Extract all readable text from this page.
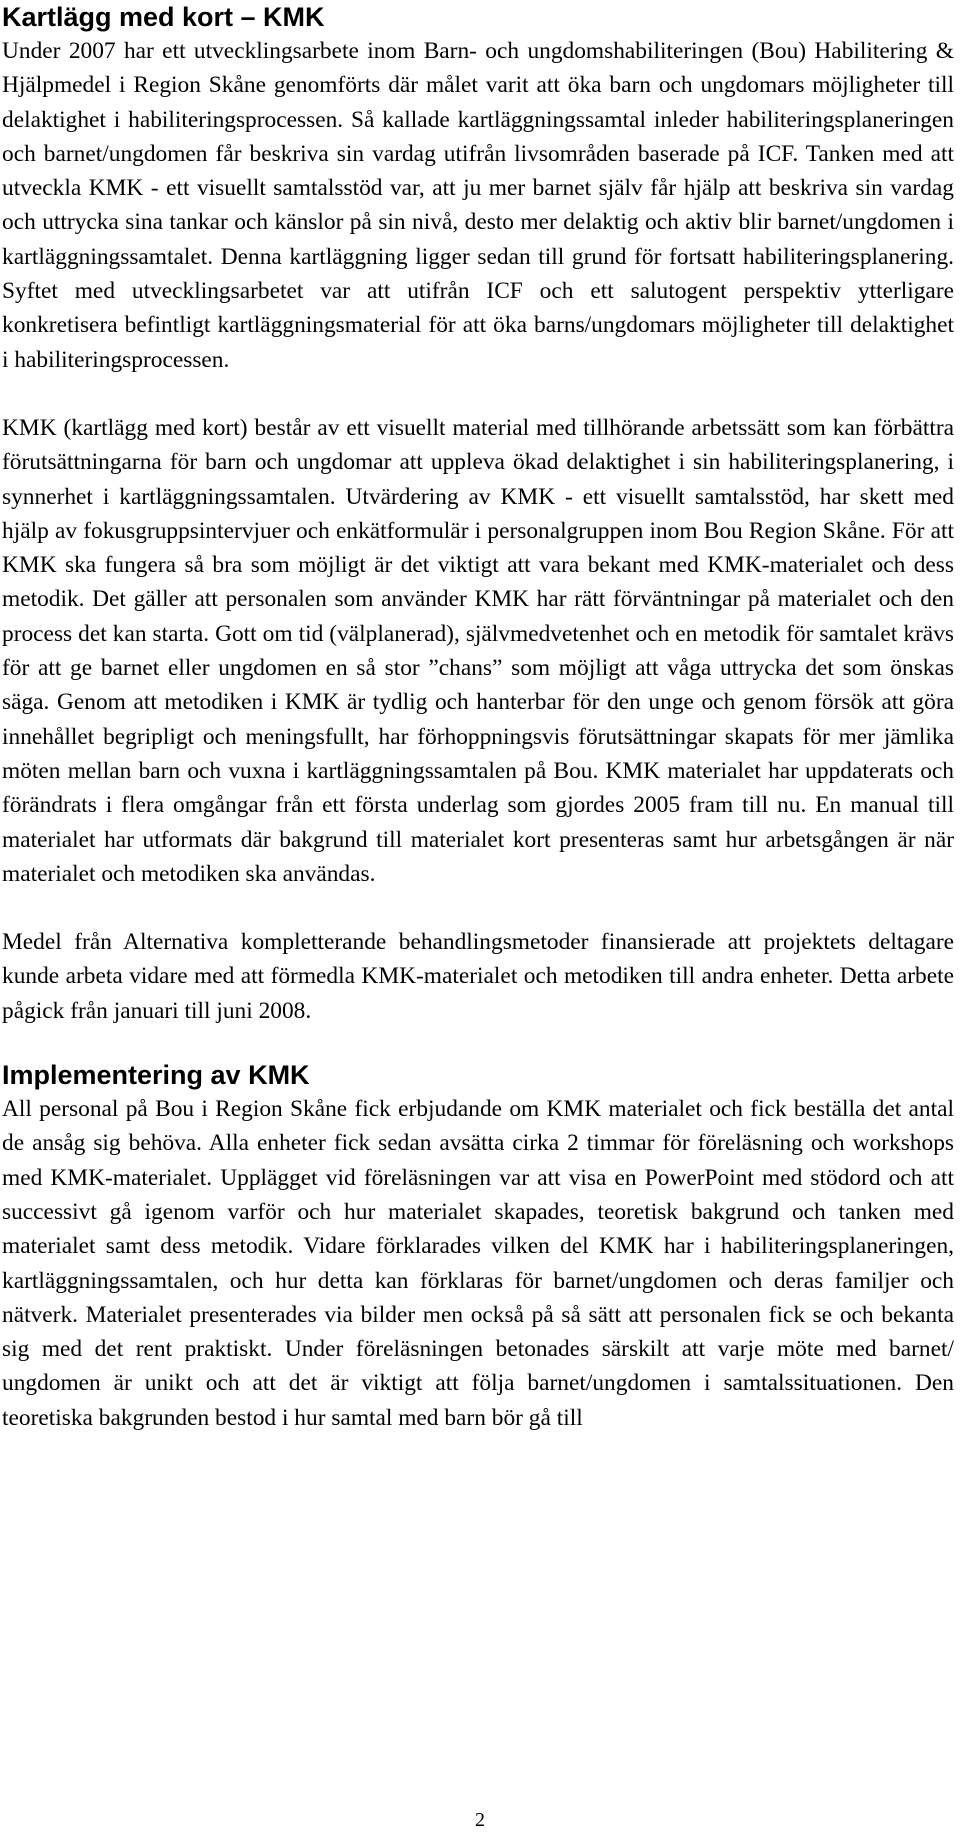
Kartlägg med kort – KMK

Under 2007 har ett utvecklingsarbete inom Barn- och ungdomshabiliteringen (Bou) Habilitering & Hjälpmedel i Region Skåne genomförts där målet varit att öka barn och ungdomars möjligheter till delaktighet i habiliteringsprocessen. Så kallade kartläggningssamtal inleder habiliteringsplaneringen och barnet/ungdomen får beskriva sin vardag utifrån livsområden baserade på ICF. Tanken med att utveckla KMK - ett visuellt samtalsstöd var, att ju mer barnet själv får hjälp att beskriva sin vardag och uttrycka sina tankar och känslor på sin nivå, desto mer delaktig och aktiv blir barnet/ungdomen i kartläggningssamtalet. Denna kartläggning ligger sedan till grund för fortsatt habiliteringsplanering. Syftet med utvecklingsarbetet var att utifrån ICF och ett salutogent perspektiv ytterligare konkretisera befintligt kartläggningsmaterial för att öka barns/ungdomars möjligheter till delaktighet i habiliteringsprocessen.

KMK (kartlägg med kort) består av ett visuellt material med tillhörande arbetssätt som kan förbättra förutsättningarna för barn och ungdomar att uppleva ökad delaktighet i sin habiliteringsplanering, i synnerhet i kartläggningssamtalen. Utvärdering av KMK - ett visuellt samtalsstöd, har skett med hjälp av fokusgruppsintervjuer och enkätformulär i personalgruppen inom Bou Region Skåne. För att KMK ska fungera så bra som möjligt är det viktigt att vara bekant med KMK-materialet och dess metodik. Det gäller att personalen som använder KMK har rätt förväntningar på materialet och den process det kan starta. Gott om tid (välplanerad), självmedvetenhet och en metodik för samtalet krävs för att ge barnet eller ungdomen en så stor ”chans” som möjligt att våga uttrycka det som önskas säga. Genom att metodiken i KMK är tydlig och hanterbar för den unge och genom försök att göra innehållet begripligt och meningsfullt, har förhoppningsvis förutsättningar skapats för mer jämlika möten mellan barn och vuxna i kartläggningssamtalen på Bou. KMK materialet har uppdaterats och förändrats i flera omgångar från ett första underlag som gjordes 2005 fram till nu. En manual till materialet har utformats där bakgrund till materialet kort presenteras samt hur arbetsgången är när materialet och metodiken ska användas.

Medel från Alternativa kompletterande behandlingsmetoder finansierade att projektets deltagare kunde arbeta vidare med att förmedla KMK-materialet och metodiken till andra enheter. Detta arbete pågick från januari till juni 2008.

Implementering av KMK

All personal på Bou i Region Skåne fick erbjudande om KMK materialet och fick beställa det antal de ansåg sig behöva. Alla enheter fick sedan avsätta cirka 2 timmar för föreläsning och workshops med KMK-materialet. Upplägget vid föreläsningen var att visa en PowerPoint med stödord och att successivt gå igenom varför och hur materialet skapades, teoretisk bakgrund och tanken med materialet samt dess metodik. Vidare förklarades vilken del KMK har i habiliteringsplaneringen, kartläggningssamtalen, och hur detta kan förklaras för barnet/ungdomen och deras familjer och nätverk. Materialet presenterades via bilder men också på så sätt att personalen fick se och bekanta sig med det rent praktiskt. Under föreläsningen betonades särskilt att varje möte med barnet/ ungdomen är unikt och att det är viktigt att följa barnet/ungdomen i samtalssituationen. Den teoretiska bakgrunden bestod i hur samtal med barn bör gå till

2
